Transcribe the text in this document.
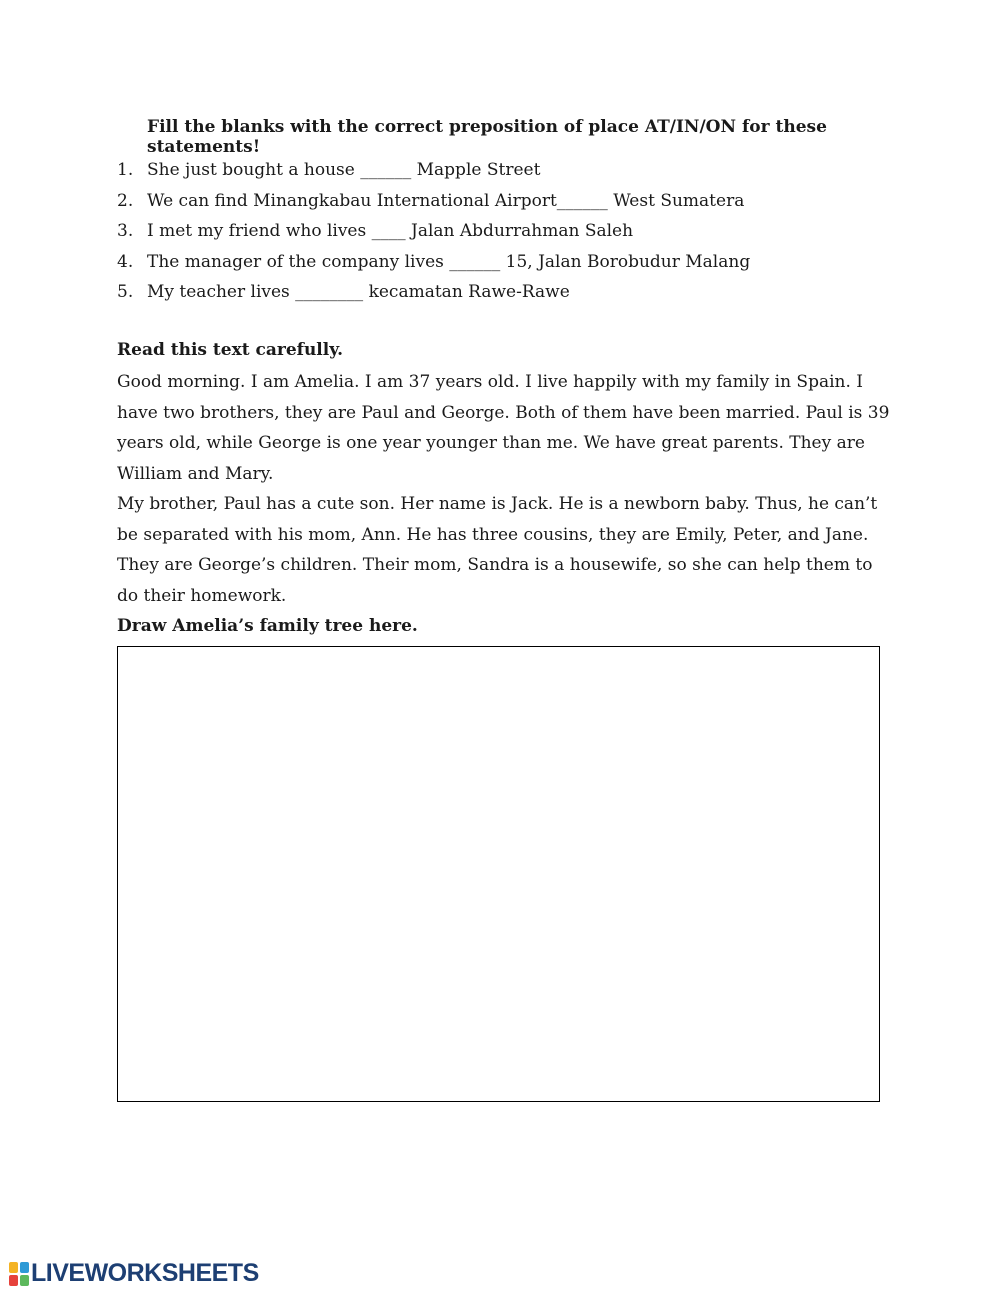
Fill the blanks with the correct preposition of place AT/IN/ON for these statements!
1. She just bought a house ______ Mapple Street
2. We can find Minangkabau International Airport______ West Sumatera
3. I met my friend who lives ____ Jalan Abdurrahman Saleh
4. The manager of the company lives ______ 15, Jalan Borobudur Malang
5. My teacher lives ________ kecamatan Rawe-Rawe
Read this text carefully.

Good morning. I am Amelia. I am 37 years old. I live happily with my family in Spain. I have two brothers, they are Paul and George. Both of them have been married. Paul is 39 years old, while George is one year younger than me. We have great parents. They are William and Mary.

My brother, Paul has a cute son. Her name is Jack. He is a newborn baby. Thus, he can’t be separated with his mom, Ann. He has three cousins, they are Emily, Peter, and Jane. They are George’s children. Their mom, Sandra is a housewife, so she can help them to do their homework.

Draw Amelia’s family tree here.
LIVEWORKSHEETS
